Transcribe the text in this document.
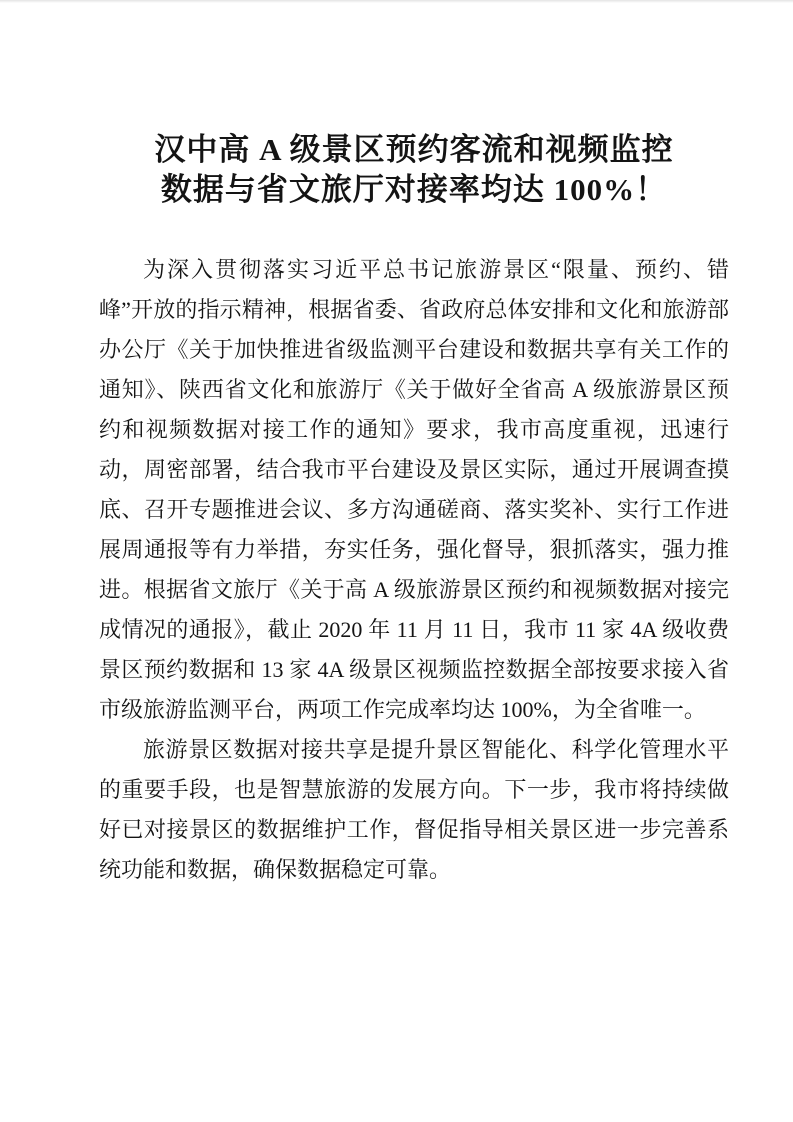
汉中高 A 级景区预约客流和视频监控
数据与省文旅厅对接率均达 100%！

为深入贯彻落实习近平总书记旅游景区“限量、预约、错峰”开放的指示精神，根据省委、省政府总体安排和文化和旅游部办公厅《关于加快推进省级监测平台建设和数据共享有关工作的通知》、陕西省文化和旅游厅《关于做好全省高 A 级旅游景区预约和视频数据对接工作的通知》要求，我市高度重视，迅速行动，周密部署，结合我市平台建设及景区实际，通过开展调查摸底、召开专题推进会议、多方沟通磋商、落实奖补、实行工作进展周通报等有力举措，夯实任务，强化督导，狠抓落实，强力推进。根据省文旅厅《关于高 A 级旅游景区预约和视频数据对接完成情况的通报》，截止 2020 年 11 月 11 日，我市 11 家 4A 级收费景区预约数据和 13 家 4A 级景区视频监控数据全部按要求接入省市级旅游监测平台，两项工作完成率均达 100%，为全省唯一。

旅游景区数据对接共享是提升景区智能化、科学化管理水平的重要手段，也是智慧旅游的发展方向。下一步，我市将持续做好已对接景区的数据维护工作，督促指导相关景区进一步完善系统功能和数据，确保数据稳定可靠。
